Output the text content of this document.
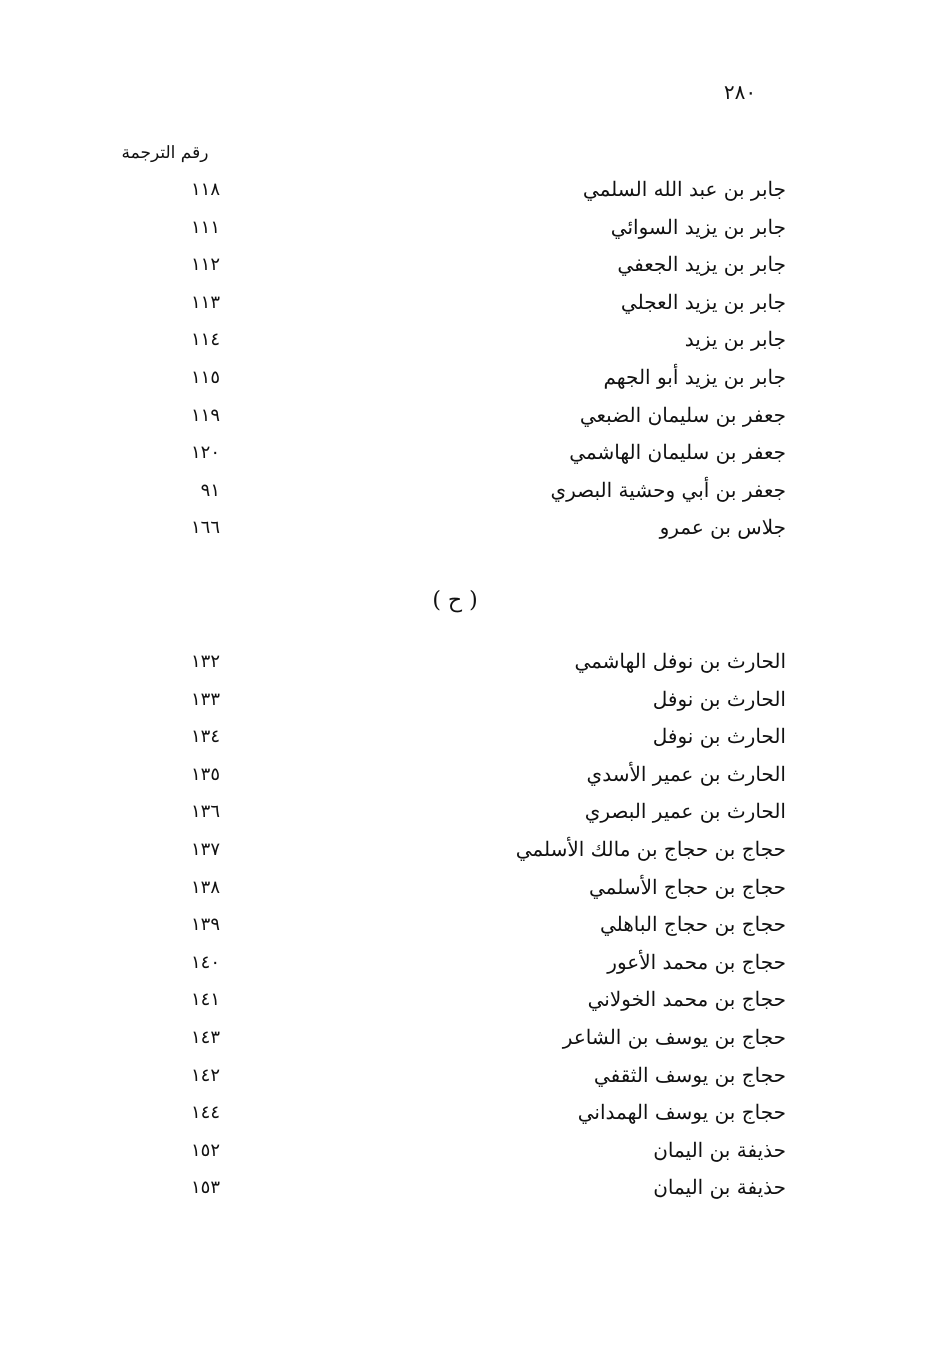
٢٨٠
رقم الترجمة
جابر بن عبد الله السلمي
١١٨
جابر بن يزيد السوائي
١١١
جابر بن يزيد الجعفي
١١٢
جابر بن يزيد العجلي
١١٣
جابر بن يزيد
١١٤
جابر بن يزيد أبو الجهم
١١٥
جعفر بن سليمان الضبعي
١١٩
جعفر بن سليمان الهاشمي
١٢٠
جعفر بن أبي وحشية البصري
٩١
جلاس بن عمرو
١٦٦
( ح )
الحارث بن نوفل الهاشمي
١٣٢
الحارث بن نوفل
١٣٣
الحارث بن نوفل
١٣٤
الحارث بن عمير الأسدي
١٣٥
الحارث بن عمير البصري
١٣٦
حجاج بن حجاج بن مالك الأسلمي
١٣٧
حجاج بن حجاج الأسلمي
١٣٨
حجاج بن حجاج الباهلي
١٣٩
حجاج بن محمد الأعور
١٤٠
حجاج بن محمد الخولاني
١٤١
حجاج بن يوسف بن الشاعر
١٤٣
حجاج بن يوسف الثقفي
١٤٢
حجاج بن يوسف الهمداني
١٤٤
حذيفة بن اليمان
١٥٢
حذيفة بن اليمان
١٥٣
